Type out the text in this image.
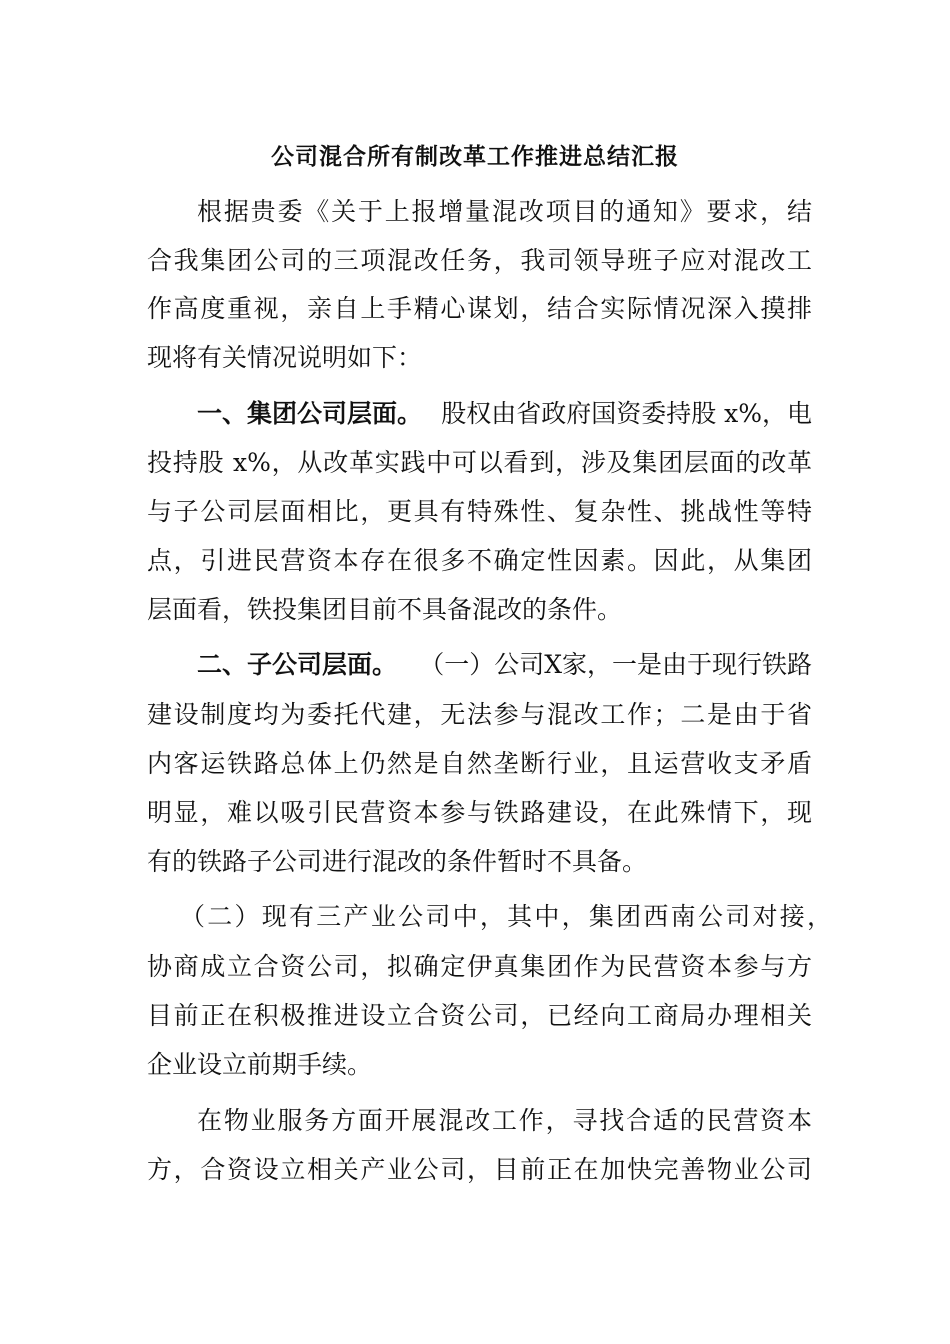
公司混合所有制改革工作推进总结汇报
根据贵委《关于上报增量混改项目的通知》要求，结
合我集团公司的三项混改任务，我司领导班子应对混改工
作高度重视，亲自上手精心谋划，结合实际情况深入摸排
现将有关情况说明如下：
一、集团公司层面。 股权由省政府国资委持股 x%，电
投持股 x%，从改革实践中可以看到，涉及集团层面的改革
与子公司层面相比，更具有特殊性、复杂性、挑战性等特
点，引进民营资本存在很多不确定性因素。因此，从集团
层面看，铁投集团目前不具备混改的条件。
二、子公司层面。 （一）公司X家，一是由于现行铁路
建设制度均为委托代建，无法参与混改工作；二是由于省
内客运铁路总体上仍然是自然垄断行业，且运营收支矛盾
明显，难以吸引民营资本参与铁路建设，在此殊情下，现
有的铁路子公司进行混改的条件暂时不具备。
（二）现有三产业公司中，其中，集团西南公司对接，
协商成立合资公司，拟确定伊真集团作为民营资本参与方
目前正在积极推进设立合资公司，已经向工商局办理相关
企业设立前期手续。
在物业服务方面开展混改工作，寻找合适的民营资本
方，合资设立相关产业公司，目前正在加快完善物业公司
